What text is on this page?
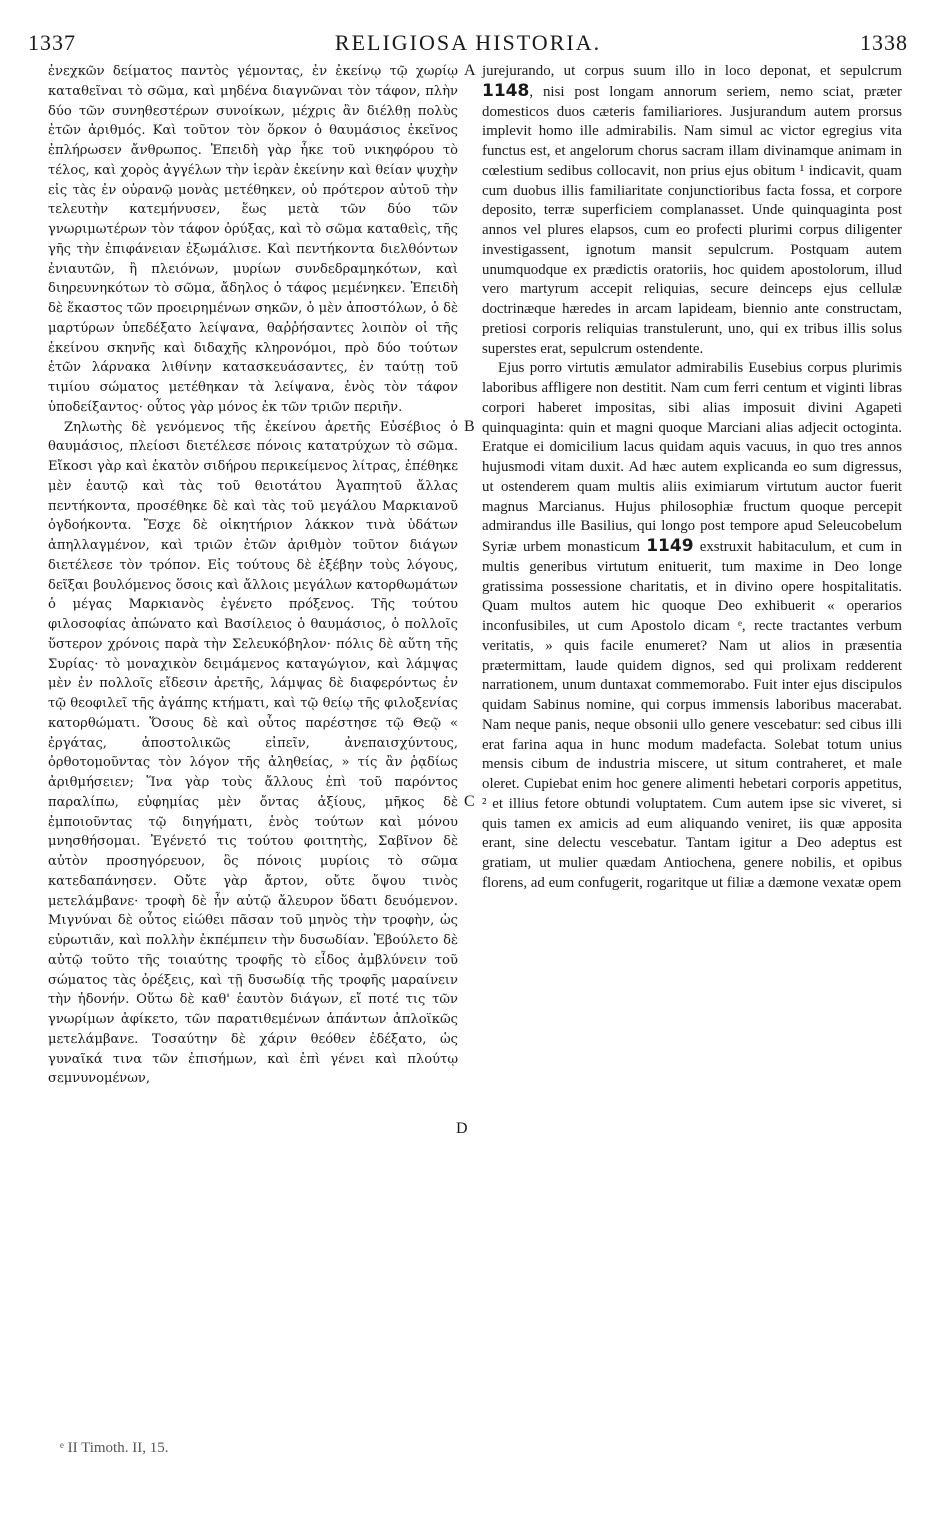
1337	RELIGIOSA HISTORIA.	1338

ἐνεχκῶν δείματος παντὸς γέμοντας, ἐν ἐκείνῳ τῷ χωρίῳ καταθεῖναι τὸ σῶμα, καὶ μηδένα διαγνῶναι τὸν τάφον, πλὴν δύο τῶν συνηθεστέρων συνοίκων, μέχρις ἂν διέλθῃ πολὺς ἐτῶν ἀριθμός. Καὶ τοῦτον τὸν ὅρκον ὁ θαυμάσιος ἐκεῖνος ἐπλήρωσεν ἄνθρωπος. Ἐπειδὴ γὰρ ἧκε τοῦ νικηφόρου τὸ τέλος, καὶ χορὸς ἀγγέλων τὴν ἱερὰν ἐκείνην καὶ θείαν ψυχὴν εἰς τὰς ἐν οὐρανῷ μονὰς μετέθηκεν, οὐ πρότερον αὐτοῦ τὴν τελευτὴν κατεμήνυσεν, ἕως μετὰ τῶν δύο τῶν γνωριμωτέρων τὸν τάφον ὀρύξας, καὶ τὸ σῶμα καταθεὶς, τῆς γῆς τὴν ἐπιφάνειαν ἐξωμάλισε. Καὶ πεντήκοντα διελθόντων ἐνιαυτῶν, ἢ πλειόνων, μυρίων συνδεδραμηκότων, καὶ διηρευνηκότων τὸ σῶμα, ἄδηλος ὁ τάφος μεμένηκεν. Ἐπειδὴ δὲ ἕκαστος τῶν προειρημένων σηκῶν, ὁ μὲν ἀποστόλων, ὁ δὲ μαρτύρων ὑπεδέξατο λείψανα, θαῤῥήσαντες λοιπὸν οἱ τῆς ἐκείνου σκηνῆς καὶ διδαχῆς κληρονόμοι, πρὸ δύο τούτων ἐτῶν λάρνακα λιθίνην κατασκευάσαντες, ἐν ταύτῃ τοῦ τιμίου σώματος μετέθηκαν τὰ λείψανα, ἑνὸς τὸν τάφον ὑποδείξαντος· οὗτος γὰρ μόνος ἐκ τῶν τριῶν περιῆν.

Ζηλωτὴς δὲ γενόμενος τῆς ἐκείνου ἀρετῆς Εὐσέβιος ὁ θαυμάσιος, πλείοσι διετέλεσε πόνοις κατατρύχων τὸ σῶμα. Εἴκοσι γὰρ καὶ ἑκατὸν σιδήρου περικείμενος λίτρας, ἐπέθηκε μὲν ἑαυτῷ καὶ τὰς τοῦ θειοτάτου Ἀγαπητοῦ ἄλλας πεντήκοντα, προσέθηκε δὲ καὶ τὰς τοῦ μεγάλου Μαρκιανοῦ ὀγδοήκοντα. Ἔσχε δὲ οἰκητήριον λάκκον τινὰ ὑδάτων ἀπηλλαγμένον, καὶ τριῶν ἐτῶν ἀριθμὸν τοῦτον διάγων διετέλεσε τὸν τρόπον. Εἰς τούτους δὲ ἐξέβην τοὺς λόγους, δεῖξαι βουλόμενος ὅσοις καὶ ἄλλοις μεγάλων κατορθωμάτων ὁ μέγας Μαρκιανὸς ἐγένετο πρόξενος. Τῆς τούτου φιλοσοφίας ἀπώνατο καὶ Βασίλειος ὁ θαυμάσιος, ὁ πολλοῖς ὕστερον χρόνοις παρὰ τὴν Σελευκόβηλον· πόλις δὲ αὕτη τῆς Συρίας· τὸ μοναχικὸν δειμάμενος καταγώγιον, καὶ λάμψας μὲν ἐν πολλοῖς εἴδεσιν ἀρετῆς, λάμψας δὲ διαφερόντως ἐν τῷ θεοφιλεῖ τῆς ἀγάπης κτήματι, καὶ τῷ θείῳ τῆς φιλοξενίας κατορθώματι. Ὅσους δὲ καὶ οὗτος παρέστησε τῷ Θεῷ « ἐργάτας, ἀποστολικῶς εἰπεῖν, ἀνεπαισχύντους, ὀρθοτομοῦντας τὸν λόγον τῆς ἀληθείας, » τίς ἂν ῥᾳδίως ἀριθμήσειεν; Ἵνα γὰρ τοὺς ἄλλους ἐπὶ τοῦ παρόντος παραλίπω, εὐφημίας μὲν ὄντας ἀξίους, μῆκος δὲ ἐμποιοῦντας τῷ διηγήματι, ἑνὸς τούτων καὶ μόνου μνησθήσομαι. Ἐγένετό τις τούτου φοιτητὴς, Σαβῖνον δὲ αὐτὸν προσηγόρευον, ὃς πόνοις μυρίοις τὸ σῶμα κατεδαπάνησεν. Οὔτε γὰρ ἄρτον, οὔτε ὄψου τινὸς μετελάμβανε· τροφὴ δὲ ἦν αὐτῷ ἄλευρον ὕδατι δευόμενον. Μιγνύναι δὲ οὗτος εἰώθει πᾶσαν τοῦ μηνὸς τὴν τροφὴν, ὡς εὐρωτιᾶν, καὶ πολλὴν ἐκπέμπειν τὴν δυσωδίαν. Ἐβούλετο δὲ αὐτῷ τοῦτο τῆς τοιαύτης τροφῆς τὸ εἶδος ἀμβλύνειν τοῦ σώματος τὰς ὀρέξεις, καὶ τῇ δυσωδίᾳ τῆς τροφῆς μαραίνειν τὴν ἡδονήν. Οὕτω δὲ καθ' ἑαυτὸν διάγων, εἴ ποτέ τις τῶν γνωρίμων ἀφίκετο, τῶν παρατιθεμένων ἁπάντων ἀπλοϊκῶς μετελάμβανε. Τοσαύτην δὲ χάριν θεόθεν ἐδέξατο, ὡς γυναῖκά τινα τῶν ἐπισήμων, καὶ ἐπὶ γένει καὶ πλούτῳ σεμνυνομένων,

A
B
C
D

jurejurando, ut corpus suum illo in loco deponat, et sepulcrum 1148, nisi post longam annorum seriem, nemo sciat, præter domesticos duos cæteris familiariores. Jusjurandum autem prorsus implevit homo ille admirabilis. Nam simul ac victor egregius vita functus est, et angelorum chorus sacram illam divinamque animam in cœlestium sedibus collocavit, non prius ejus obitum ¹ indicavit, quam cum duobus illis familiaritate conjunctioribus facta fossa, et corpore deposito, terræ superficiem complanasset. Unde quinquaginta post annos vel plures elapsos, cum eo profecti plurimi corpus diligenter investigassent, ignotum mansit sepulcrum. Postquam autem unumquodque ex prædictis oratoriis, hoc quidem apostolorum, illud vero martyrum accepit reliquias, secure deinceps ejus cellulæ doctrinæque hæredes in arcam lapideam, biennio ante constructam, pretiosi corporis reliquias transtulerunt, uno, qui ex tribus illis solus superstes erat, sepulcrum ostendente.

Ejus porro virtutis æmulator admirabilis Eusebius corpus plurimis laboribus affligere non destitit. Nam cum ferri centum et viginti libras corpori haberet impositas, sibi alias imposuit divini Agapeti quinquaginta: quin et magni quoque Marciani alias adjecit octoginta. Eratque ei domicilium lacus quidam aquis vacuus, in quo tres annos hujusmodi vitam duxit. Ad hæc autem explicanda eo sum digressus, ut ostenderem quam multis aliis eximiarum virtutum auctor fuerit magnus Marcianus. Hujus philosophiæ fructum quoque percepit admirandus ille Basilius, qui longo post tempore apud Seleucobelum Syriæ urbem monasticum 1149 exstruxit habitaculum, et cum in multis generibus virtutum enituerit, tum maxime in Deo longe gratissima possessione charitatis, et in divino opere hospitalitatis. Quam multos autem hic quoque Deo exhibuerit « operarios inconfusibiles, ut cum Apostolo dicam ᵉ, recte tractantes verbum veritatis, » quis facile enumeret? Nam ut alios in præsentia prætermittam, laude quidem dignos, sed qui prolixam redderent narrationem, unum duntaxat commemorabo. Fuit inter ejus discipulos quidam Sabinus nomine, qui corpus immensis laboribus macerabat. Nam neque panis, neque obsonii ullo genere vescebatur: sed cibus illi erat farina aqua in hunc modum madefacta. Solebat totum unius mensis cibum de industria miscere, ut situm contraheret, et male oleret. Cupiebat enim hoc genere alimenti hebetari corporis appetitus, ² et illius fetore obtundi voluptatem. Cum autem ipse sic viveret, si quis tamen ex amicis ad eum aliquando veniret, iis quæ apposita erant, sine delectu vescebatur. Tantam igitur a Deo adeptus est gratiam, ut mulier quædam Antiochena, genere nobilis, et opibus florens, ad eum confugerit, rogaritque ut filiæ a dæmone vexatæ opem

ᵉ II Timoth. II, 15.
